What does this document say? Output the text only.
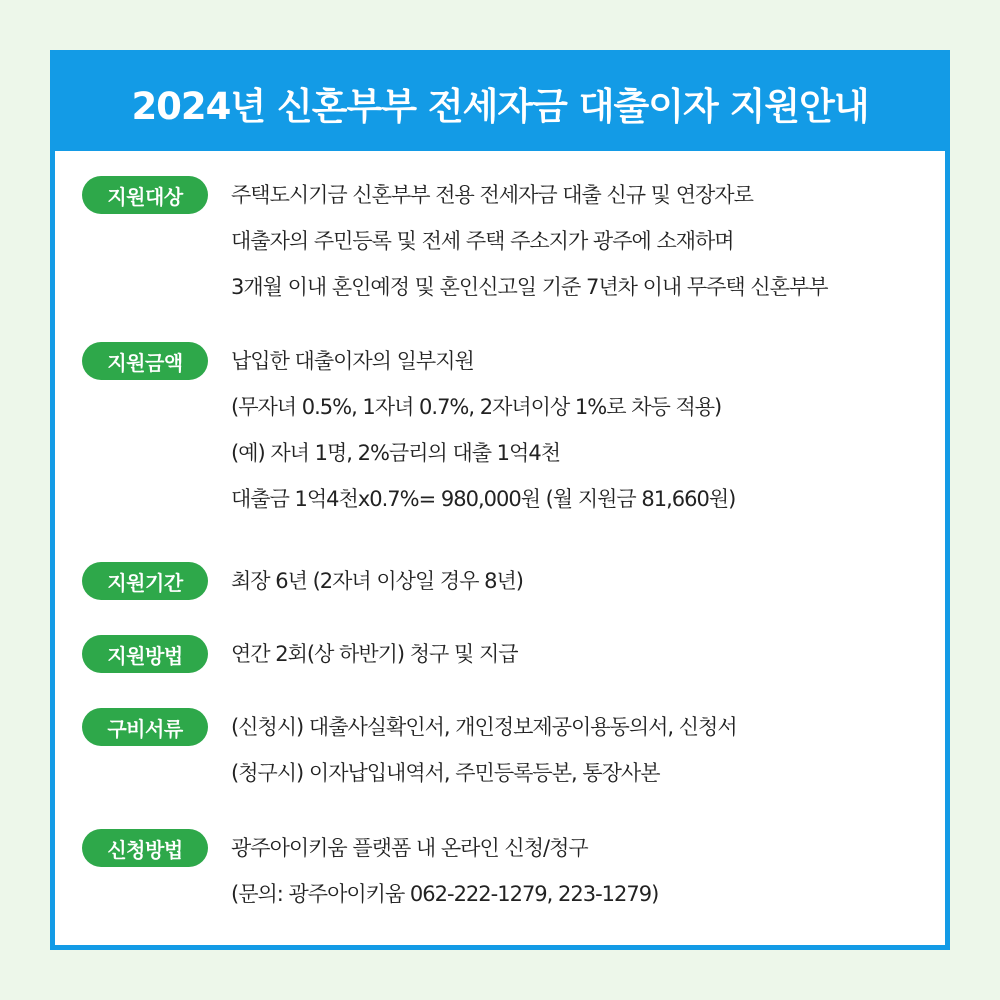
2024년 신혼부부 전세자금 대출이자 지원안내
지원대상	주택도시기금 신혼부부 전용 전세자금 대출 신규 및 연장자로
대출자의 주민등록 및 전세 주택 주소지가 광주에 소재하며
3개월 이내 혼인예정 및 혼인신고일 기준 7년차 이내 무주택 신혼부부
지원금액	납입한 대출이자의 일부지원
(무자녀 0.5%, 1자녀 0.7%, 2자녀이상 1%로 차등 적용)
(예) 자녀 1명, 2%금리의 대출 1억4천
대출금 1억4천x0.7%= 980,000원 (월 지원금 81,660원)
지원기간	최장 6년 (2자녀 이상일 경우 8년)
지원방법	연간 2회(상 하반기) 청구 및 지급
구비서류	(신청시) 대출사실확인서, 개인정보제공이용동의서, 신청서
(청구시) 이자납입내역서, 주민등록등본, 통장사본
신청방법	광주아이키움 플랫폼 내 온라인 신청/청구
(문의: 광주아이키움 062-222-1279, 223-1279)
